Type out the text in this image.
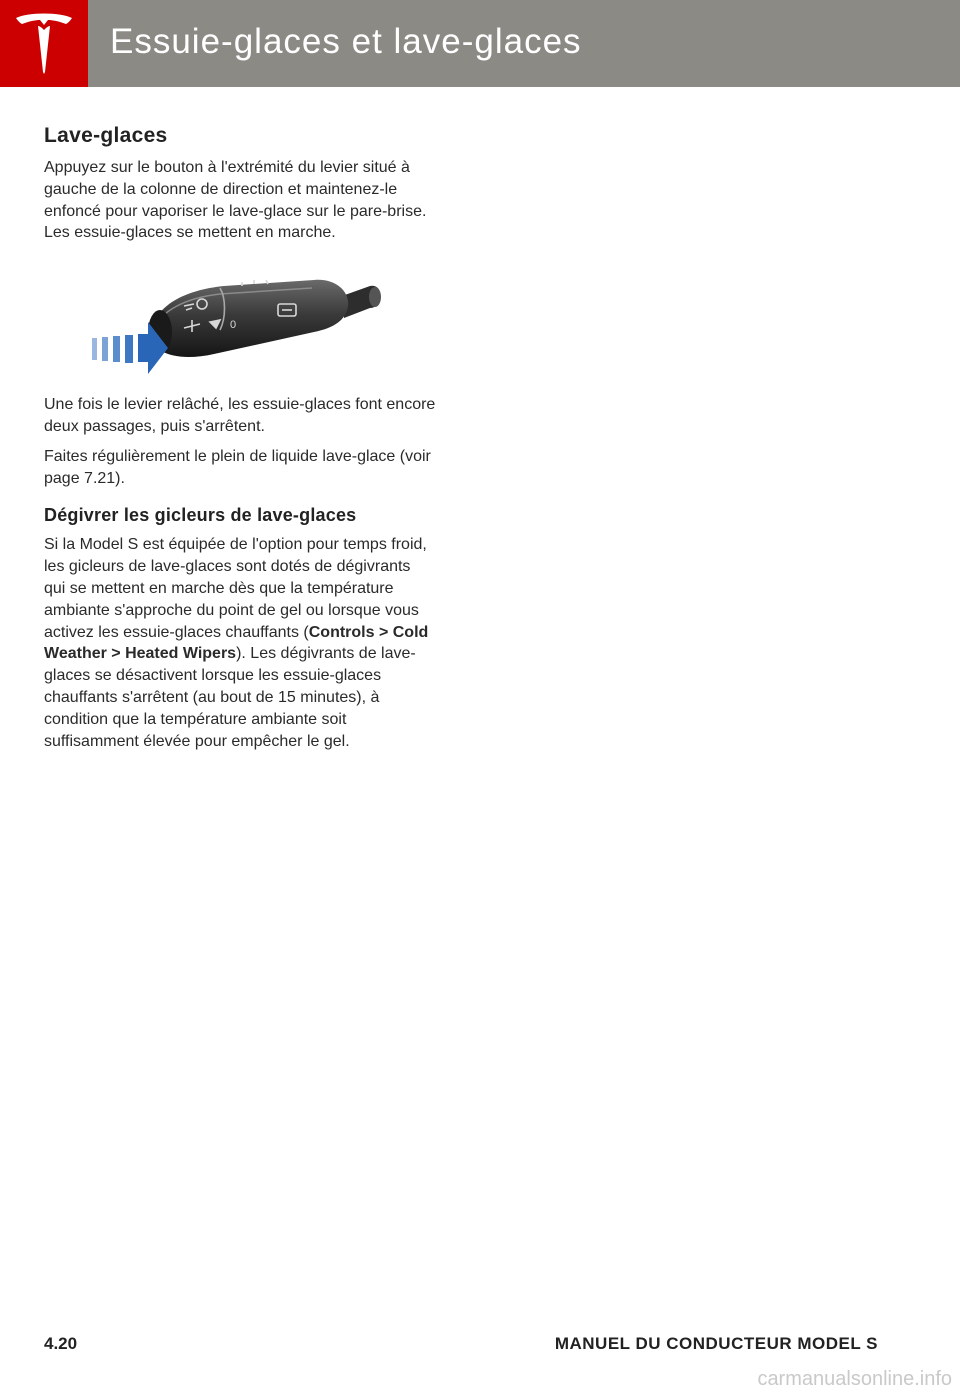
Essuie-glaces et lave-glaces
Lave-glaces

Appuyez sur le bouton à l'extrémité du levier situé à gauche de la colonne de direction et maintenez-le enfoncé pour vaporiser le lave-glace sur le pare-brise. Les essuie-glaces se mettent en marche.

0

Une fois le levier relâché, les essuie-glaces font encore deux passages, puis s'arrêtent.

Faites régulièrement le plein de liquide lave-glace (voir page 7.21).

Dégivrer les gicleurs de lave-glaces

Si la Model S est équipée de l'option pour temps froid, les gicleurs de lave-glaces sont dotés de dégivrants qui se mettent en marche dès que la température ambiante s'approche du point de gel ou lorsque vous activez les essuie-glaces chauffants (Controls > Cold Weather > Heated Wipers). Les dégivrants de lave-glaces se désactivent lorsque les essuie-glaces chauffants s'arrêtent (au bout de 15 minutes), à condition que la température ambiante soit suffisamment élevée pour empêcher le gel.

4.20	MANUEL DU CONDUCTEUR MODEL S
carmanualsonline.info
